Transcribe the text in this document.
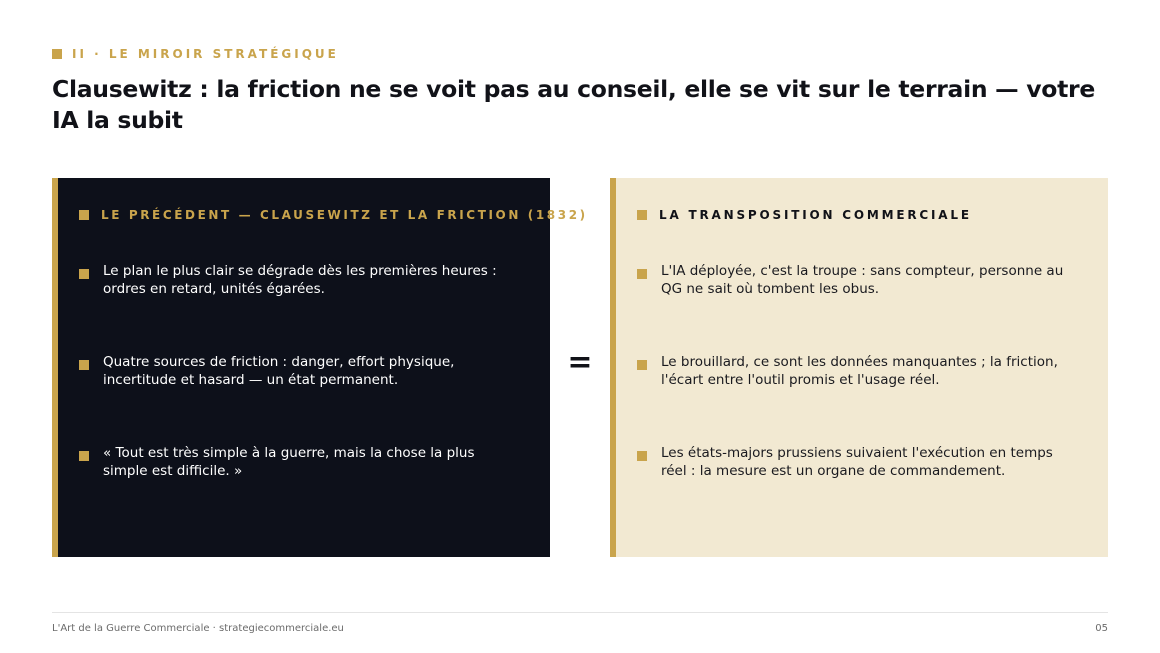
II · LE MIROIR STRATÉGIQUE
Clausewitz : la friction ne se voit pas au conseil, elle se vit sur le terrain — votre IA la subit
LE PRÉCÉDENT — CLAUSEWITZ ET LA FRICTION (1832)
Le plan le plus clair se dégrade dès les premières heures : ordres en retard, unités égarées.
Quatre sources de friction : danger, effort physique, incertitude et hasard — un état permanent.
« Tout est très simple à la guerre, mais la chose la plus simple est difficile. »
=
LA TRANSPOSITION COMMERCIALE
L'IA déployée, c'est la troupe : sans compteur, personne au QG ne sait où tombent les obus.
Le brouillard, ce sont les données manquantes ; la friction, l'écart entre l'outil promis et l'usage réel.
Les états-majors prussiens suivaient l'exécution en temps réel : la mesure est un organe de commandement.
L'Art de la Guerre Commerciale · strategiecommerciale.eu	05
